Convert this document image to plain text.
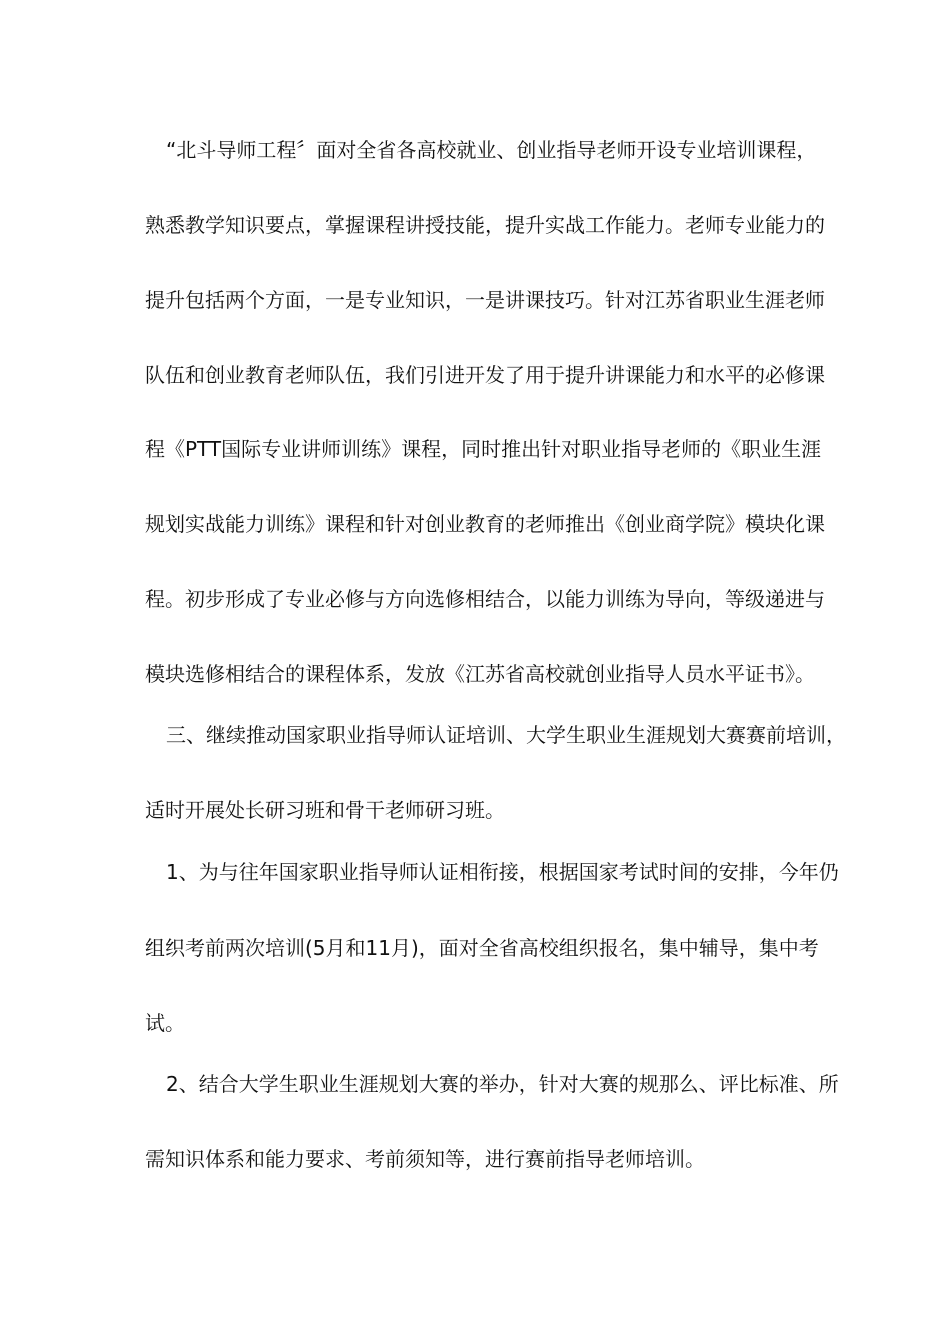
“北斗导师工程〞面对全省各高校就业、创业指导老师开设专业培训课程，
熟悉教学知识要点，掌握课程讲授技能，提升实战工作能力。老师专业能力的
提升包括两个方面，一是专业知识，一是讲课技巧。针对江苏省职业生涯老师
队伍和创业教育老师队伍，我们引进开发了用于提升讲课能力和水平的必修课
程《PTT国际专业讲师训练》课程，同时推出针对职业指导老师的《职业生涯
规划实战能力训练》课程和针对创业教育的老师推出《创业商学院》模块化课
程。初步形成了专业必修与方向选修相结合，以能力训练为导向，等级递进与
模块选修相结合的课程体系，发放《江苏省高校就创业指导人员水平证书》。
三、继续推动国家职业指导师认证培训、大学生职业生涯规划大赛赛前培训，
适时开展处长研习班和骨干老师研习班。
1、为与往年国家职业指导师认证相衔接，根据国家考试时间的安排，今年仍
组织考前两次培训(5月和11月)，面对全省高校组织报名，集中辅导，集中考
试。
2、结合大学生职业生涯规划大赛的举办，针对大赛的规那么、评比标准、所
需知识体系和能力要求、考前须知等，进行赛前指导老师培训。
